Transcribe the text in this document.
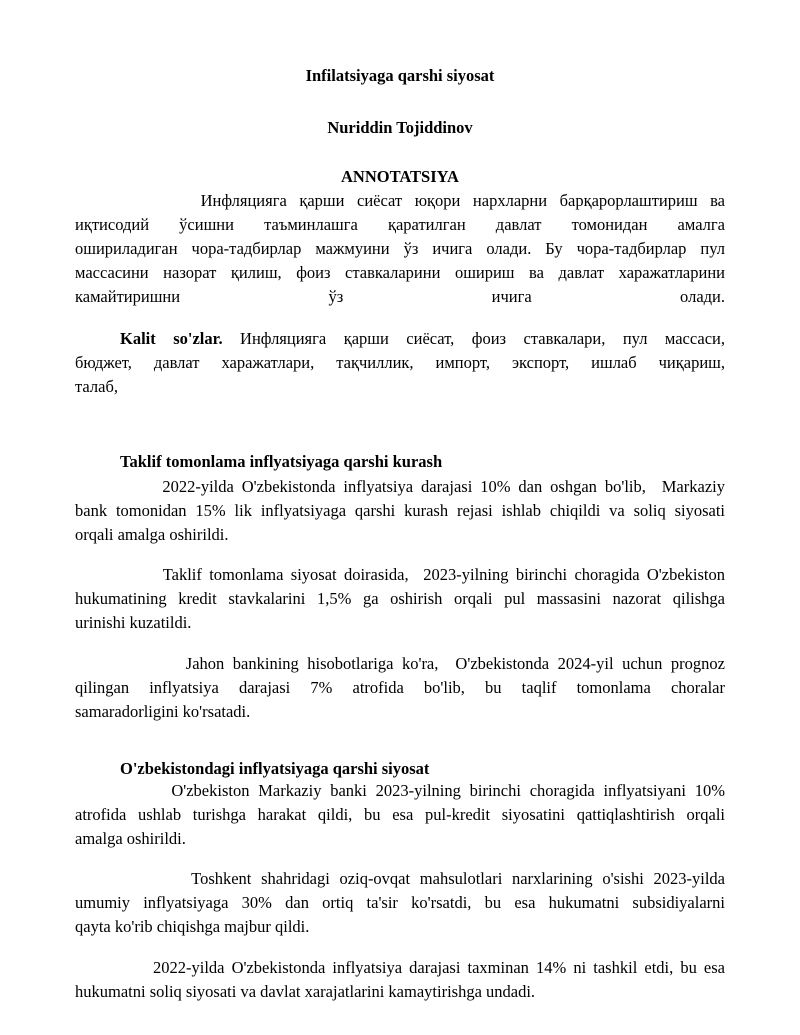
Infilatsiyaga qarshi siyosat
Nuriddin Tojiddinov
ANNOTATSIYA
Инфляцияга қарши сиёсат юқори нархларни барқарорлаштириш ва
иқтисодий ўсишни таъминлашга қаратилган давлат томонидан амалга
ошириладиган чора-тадбирлар мажмуини ўз ичига олади. Бу чора-тадбирлар пул
массасини назорат қилиш, фоиз ставкаларини ошириш ва давлат харажатларини
камайтиришни ўз ичига олади.
Kalit so'zlar. Инфляцияга қарши сиёсат, фоиз ставкалари, пул массаси,
бюджет, давлат харажатлари, тақчиллик, импорт, экспорт, ишлаб чиқариш,
талаб,
Taklif tomonlama inflyatsiyaga qarshi kurash
2022-yilda O'zbekistonda inflyatsiya darajasi 10% dan oshgan bo'lib,  Markaziy
bank tomonidan 15% lik inflyatsiyaga qarshi kurash rejasi ishlab chiqildi va soliq siyosati
orqali amalga oshirildi.
Taklif tomonlama siyosat doirasida,  2023-yilning birinchi choragida O'zbekiston
hukumatining kredit stavkalarini 1,5% ga oshirish orqali pul massasini nazorat qilishga
urinishi kuzatildi.
Jahon bankining hisobotlariga ko'ra,  O'zbekistonda 2024-yil uchun prognoz
qilingan inflyatsiya darajasi 7% atrofida bo'lib, bu taqlif tomonlama choralar
samaradorligini ko'rsatadi.
O'zbekistondagi inflyatsiyaga qarshi siyosat
O'zbekiston Markaziy banki 2023-yilning birinchi choragida inflyatsiyani 10%
atrofida ushlab turishga harakat qildi, bu esa pul-kredit siyosatini qattiqlashtirish orqali
amalga oshirildi.
Toshkent shahridagi oziq-ovqat mahsulotlari narxlarining o'sishi 2023-yilda
umumiy inflyatsiyaga 30% dan ortiq ta'sir ko'rsatdi, bu esa hukumatni subsidiyalarni
qayta ko'rib chiqishga majbur qildi.
2022-yilda O'zbekistonda inflyatsiya darajasi taxminan 14% ni tashkil etdi, bu esa
hukumatni soliq siyosati va davlat xarajatlarini kamaytirishga undadi.
